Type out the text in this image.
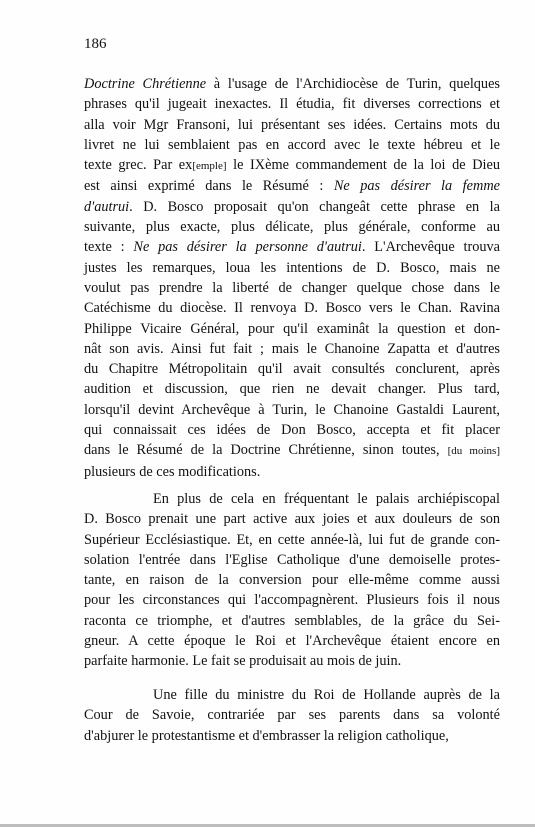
186
Doctrine Chrétienne à l'usage de l'Archidiocèse de Turin, quelques
phrases qu'il jugeait inexactes. Il étudia, fit diverses corrections et
alla voir Mgr Fransoni, lui présentant ses idées. Certains mots du
livret ne lui semblaient pas en accord avec le texte hébreu et le
texte grec. Par ex[emple] le IXème commandement de la loi de Dieu
est ainsi exprimé dans le Résumé : Ne pas désirer la femme
d'autrui. D. Bosco proposait qu'on changeât cette phrase en la
suivante, plus exacte, plus délicate, plus générale, conforme au
texte : Ne pas désirer la personne d'autrui. L'Archevêque trouva
justes les remarques, loua les intentions de D. Bosco, mais ne
voulut pas prendre la liberté de changer quelque chose dans le
Catéchisme du diocèse. Il renvoya D. Bosco vers le Chan. Ravina
Philippe Vicaire Général, pour qu'il examinât la question et don-
nât son avis. Ainsi fut fait ; mais le Chanoine Zapatta et d'autres
du Chapitre Métropolitain qu'il avait consultés conclurent, après
audition et discussion, que rien ne devait changer. Plus tard,
lorsqu'il devint Archevêque à Turin, le Chanoine Gastaldi Laurent,
qui connaissait ces idées de Don Bosco, accepta et fit placer
dans le Résumé de la Doctrine Chrétienne, sinon toutes, [du moins]
plusieurs de ces modifications.
En plus de cela en fréquentant le palais archiépiscopal
D. Bosco prenait une part active aux joies et aux douleurs de son
Supérieur Ecclésiastique. Et, en cette année-là, lui fut de grande con-
solation l'entrée dans l'Eglise Catholique d'une demoiselle protes-
tante, en raison de la conversion pour elle-même comme aussi
pour les circonstances qui l'accompagnèrent. Plusieurs fois il nous
raconta ce triomphe, et d'autres semblables, de la grâce du Sei-
gneur. A cette époque le Roi et l'Archevêque étaient encore en
parfaite harmonie. Le fait se produisait au mois de juin.
Une fille du ministre du Roi de Hollande auprès de la
Cour de Savoie, contrariée par ses parents dans sa volonté
d'abjurer le protestantisme et d'embrasser la religion catholique,
